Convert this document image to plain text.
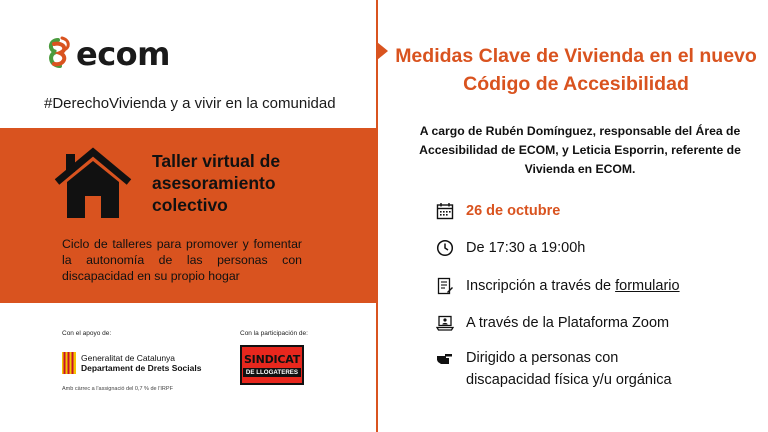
ecom
#DerechoVivienda y a vivir en la comunidad
Taller virtual de
asesoramiento
colectivo
Ciclo de talleres para promover y fomentar la autonomía de las personas con discapacidad en su propio hogar
Con el apoyo de:	Con la participación de:
Generalitat de Catalunya
Departament de Drets Socials
Amb càrrec a l'assignació del 0,7 % de l'IRPF
SINDICAT
DE LLOGATERES
Medidas Clave de Vivienda en el nuevo Código de Accesibilidad
A cargo de Rubén Domínguez, responsable del Área de Accesibilidad de ECOM, y Leticia Esporrin, referente de Vivienda en ECOM.
26 de octubre
De 17:30 a 19:00h
Inscripción a través de formulario
A través de la Plataforma Zoom
Dirigido a personas con discapacidad física y/u orgánica
